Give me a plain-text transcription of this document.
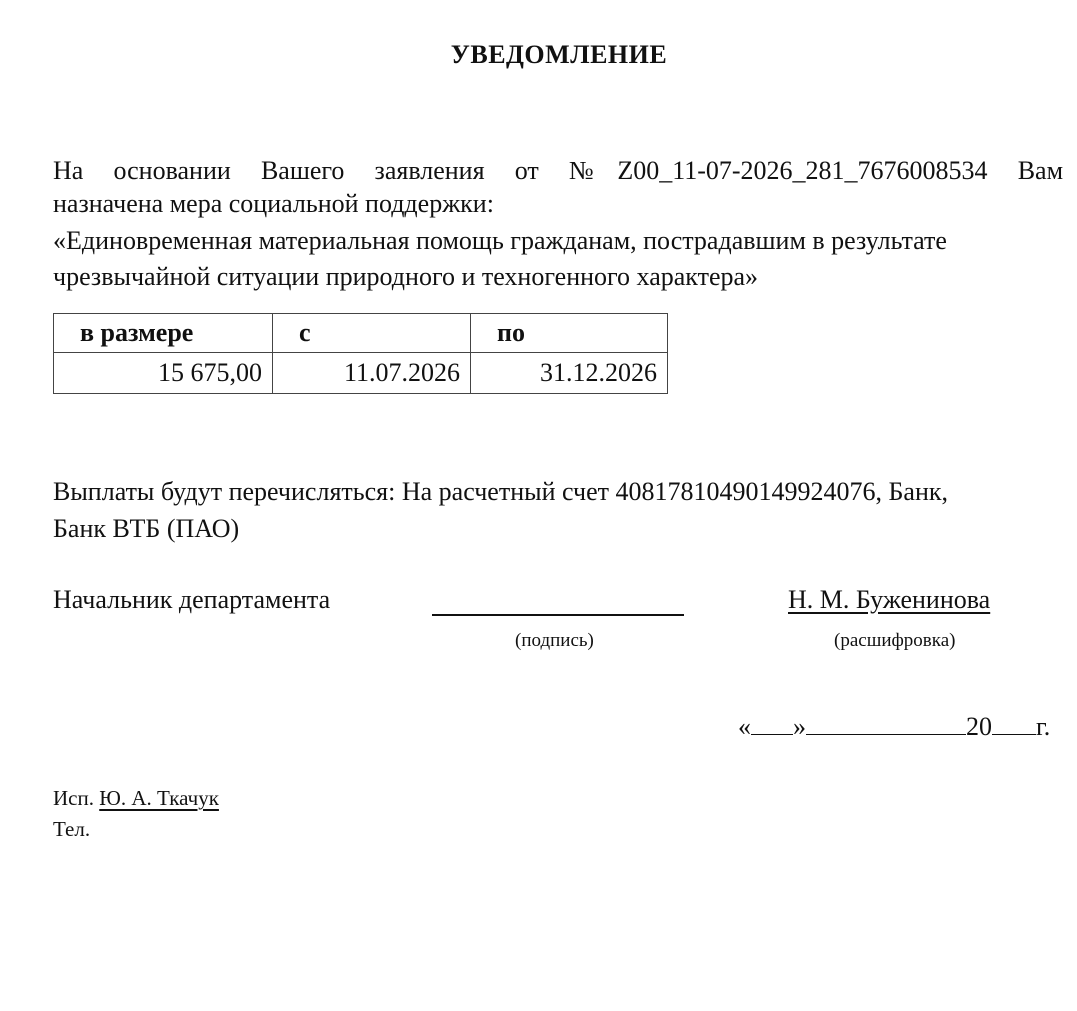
УВЕДОМЛЕНИЕ
На основании Вашего заявления от №Z00_11-07-2026_281_7676008534 Вам
назначена мера социальной поддержки:
«Единовременная материальная помощь гражданам, пострадавшим в результате
чрезвычайной ситуации природного и техногенного характера»
в размере	с	по
15 675,00	11.07.2026	31.12.2026
Выплаты будут перечисляться: На расчетный счет 40817810490149924076, Банк,
Банк ВТБ (ПАО)
Начальник департамента	Н. М. Буженинова
(подпись)	(расшифровка)
« »	20 г.
Исп. Ю. А. Ткачук
Тел.
